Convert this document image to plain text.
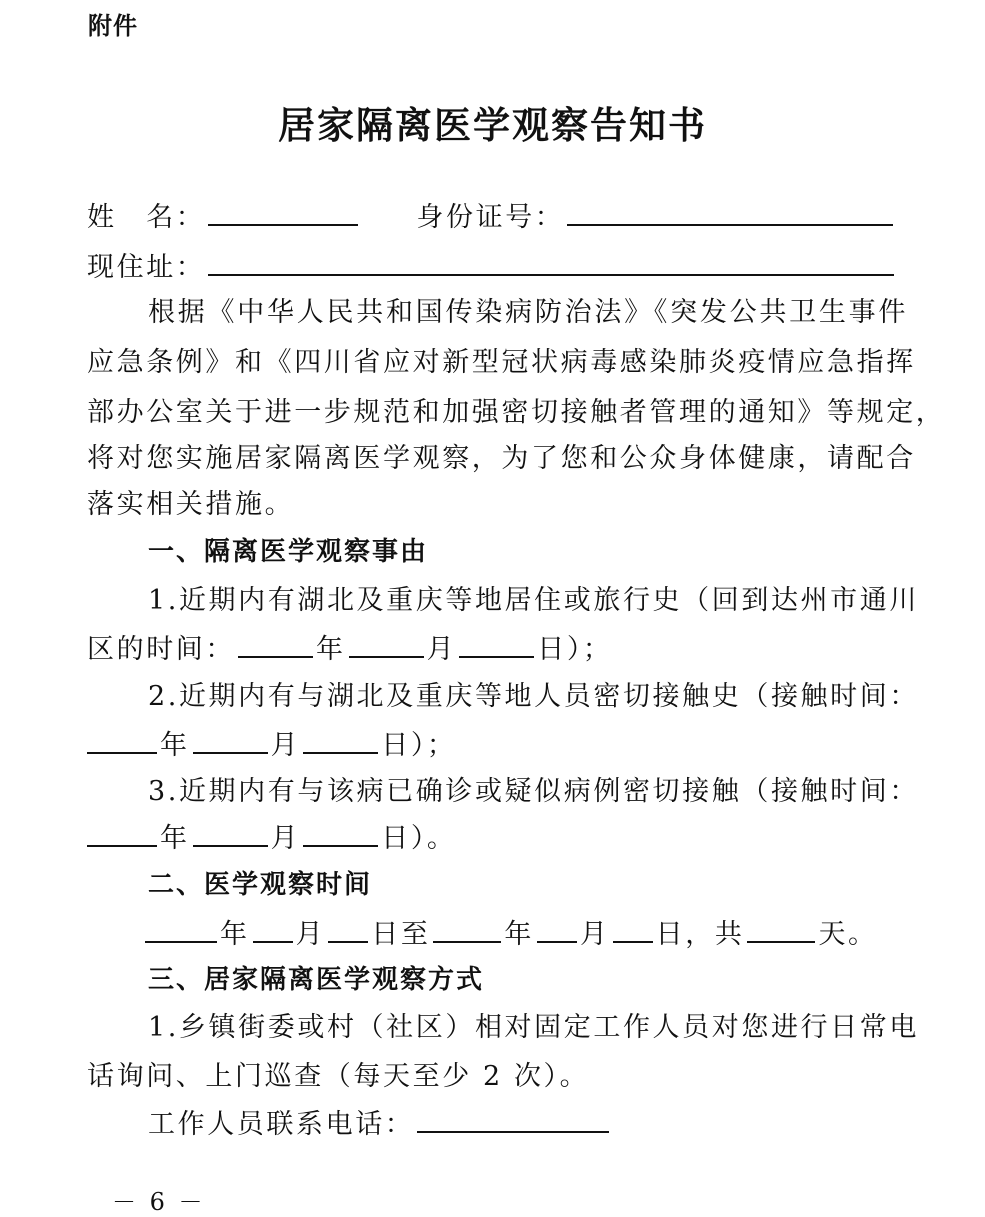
附件
居家隔离医学观察告知书
姓　名：	身份证号：
现住址：
根据《中华人民共和国传染病防治法》《突发公共卫生事件
应急条例》和《四川省应对新型冠状病毒感染肺炎疫情应急指挥
部办公室关于进一步规范和加强密切接触者管理的通知》等规定，
将对您实施居家隔离医学观察，为了您和公众身体健康，请配合
落实相关措施。
一、隔离医学观察事由
1.近期内有湖北及重庆等地居住或旅行史（回到达州市通川
区的时间：	年	月	日）；
2.近期内有与湖北及重庆等地人员密切接触史（接触时间：
年	月	日）；
3.近期内有与该病已确诊或疑似病例密切接触（接触时间：
年	月	日）。
二、医学观察时间
年 月 日至	年 月 日，共	天。
三、居家隔离医学观察方式
1.乡镇街委或村（社区）相对固定工作人员对您进行日常电
话询问、上门巡查（每天至少 2 次）。
工作人员联系电话：
－ 6 －
